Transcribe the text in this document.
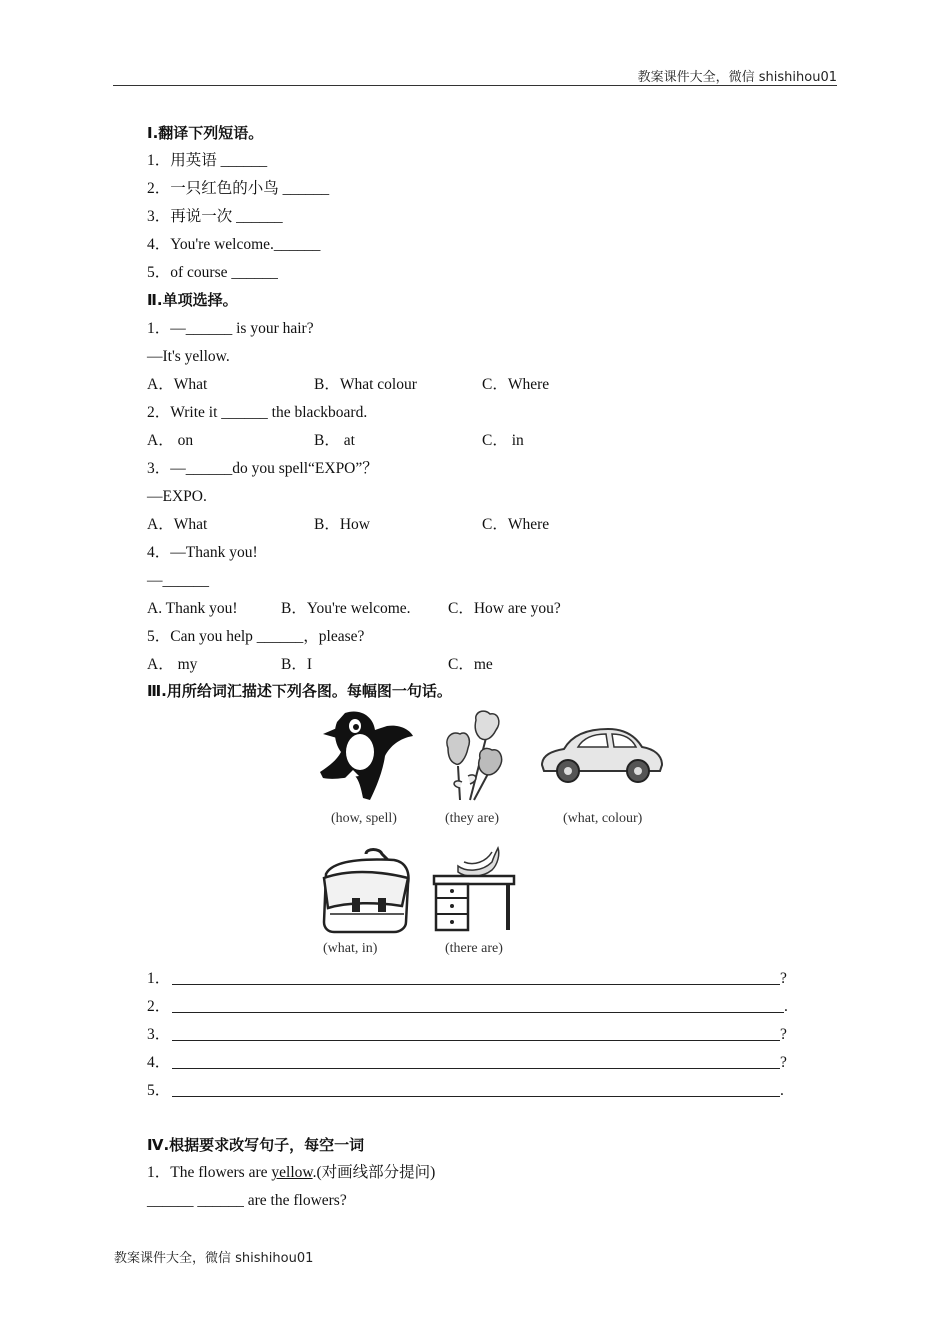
教案课件大全，微信 shishihou01
教案课件大全，微信 shishihou01
Ⅰ.翻译下列短语。
1．用英语 ______
2．一只红色的小鸟 ______
3．再说一次 ______
4．You're welcome.______
5．of course ______
Ⅱ.单项选择。
1．—______ is your hair?
—It's yellow.
A．What	B．What colour	C．Where
2．Write it ______ the blackboard.
A． on	B． at	C． in
3．—______do you spell“EXPO”？
—EXPO.
A．What	B．How	C．Where
4．—Thank you!
—______
A. Thank you!	B．You're welcome. C．How are you?
5．Can you help ______，please?
A． my	B．I	C．me
Ⅲ.用所给词汇描述下列各图。每幅图一句话。
(how, spell)	(they are)	(what, colour)
(what, in)	(there are)
1．	?
2．	.
3．	?
4．	?
5．	.
Ⅳ.根据要求改写句子，每空一词
1．The flowers are yellow.(对画线部分提问)
______ ______ are the flowers?
